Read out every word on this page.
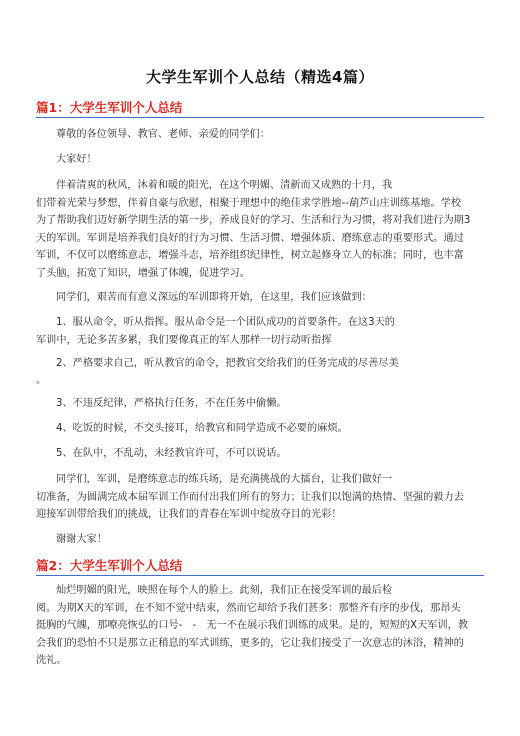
大学生军训个人总结（精选4篇）
篇1：大学生军训个人总结
尊敬的各位领导、教官、老师、亲爱的同学们：
大家好！
伴着清爽的秋风，沐着和暖的阳光，在这个明媚、清新而又成熟的十月，我
们带着光荣与梦想，伴着自豪与欣慰，相聚于理想中的绝佳求学胜地--葫芦山庄训练基地。学校
为了帮助我们迈好新学期生活的第一步，养成良好的学习、生活和行为习惯，将对我们进行为期3
天的军训。军训是培养我们良好的行为习惯、生活习惯、增强体质、磨练意志的重要形式。通过
军训，不仅可以磨练意志，增强斗志，培养组织纪律性，树立起修身立人的标准；同时，也丰富
了头脑，拓宽了知识，增强了体魄，促进学习。
同学们，艰苦而有意义深远的军训即将开始，在这里，我们应该做到：
1、服从命令，听从指挥。服从命令是一个团队成功的首要条件。在这3天的
军训中，无论多苦多累，我们要像真正的军人那样一切行动听指挥
2、严格要求自己，听从教官的命令，把教官交给我们的任务完成的尽善尽美
。
3、不违反纪律，严格执行任务，不在任务中偷懒。
4、吃饭的时候，不交头接耳，给教官和同学造成不必要的麻烦。
5、在队中，不乱动，未经教官许可，不可以说话。
同学们，军训，是磨练意志的练兵场，是充满挑战的大擂台，让我们做好一
切准备，为圆满完成本届军训工作而付出我们所有的努力；让我们以饱满的热情、坚强的毅力去
迎接军训带给我们的挑战，让我们的青春在军训中绽放夺目的光彩！
谢谢大家！
篇2：大学生军训个人总结
灿烂明媚的阳光，映照在每个人的脸上。此刻，我们正在接受军训的最后检
阅。为期X天的军训，在不知不觉中结束，然而它却给予我们甚多：那整齐有序的步伐，那昂头
挺胸的气魄，那嘹亮恢弘的口号-　-　无一不在展示我们训练的成果。是的，短短的X天军训，教
会我们的恐怕不只是那立正稍息的军式训练，更多的，它让我们接受了一次意志的沐浴，精神的
洗礼。
